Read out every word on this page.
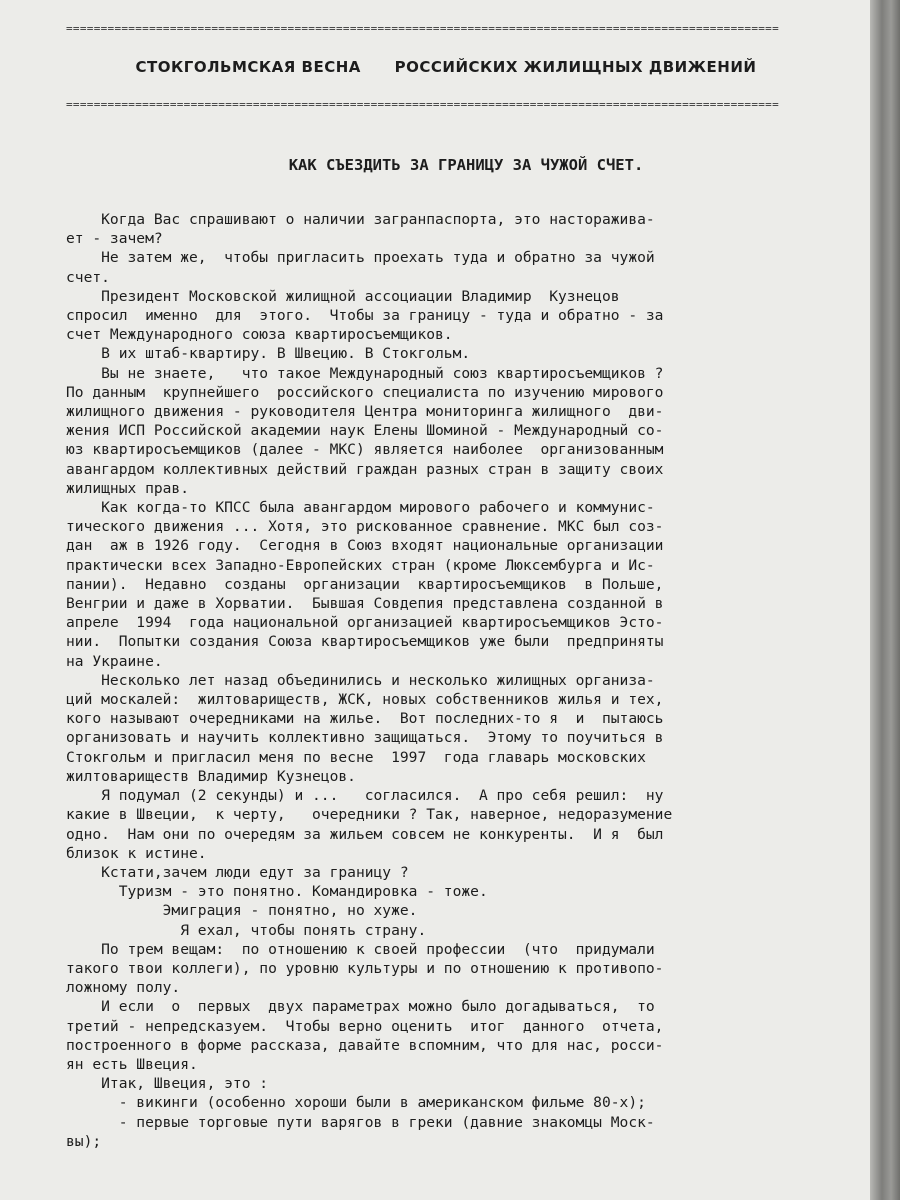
=======================================================================================================
СТОКГОЛЬМСКАЯ ВЕСНА РОССИЙСКИХ ЖИЛИЩНЫХ ДВИЖЕНИЙ
=======================================================================================================
КАК СЪЕЗДИТЬ ЗА ГРАНИЦУ ЗА ЧУЖОЙ СЧЕТ.
Когда Вас спрашивают о наличии загранпаспорта, это настораживa-
ет - зачем?
Не затем же,  чтобы пригласить проехать туда и обратно за чужой
счет.
Президент Московской жилищной ассоциации Владимир  Кузнецов
спросил  именно  для  этого.  Чтобы за границу - туда и обратно - за
счет Международного союза квартиросъемщиков.
В их штаб-квартиру. В Швецию. В Стокгольм.
Вы не знаете,   что такое Международный союз квартиросъемщиков ?
По данным  крупнейшего  российского специалиста по изучению мирового
жилищного движения - руководителя Центра мониторинга жилищного  дви-
жения ИСП Российской академии наук Елены Шоминой - Международный со-
юз квартиросъемщиков (далее - МКС) является наиболее  организованным
авангардом коллективных действий граждан разных стран в защиту своих
жилищных прав.
Как когда-то КПСС была авангардом мирового рабочего и коммунис-
тического движения ... Хотя, это рискованное сравнение. МКС был соз-
дан  аж в 1926 году.  Сегодня в Союз входят национальные организации
практически всех Западно-Европейских стран (кроме Люксембурга и Ис-
пании).  Недавно  созданы  организации  квартиросъемщиков  в Польше,
Венгрии и даже в Хорватии.  Бывшая Совдепия представлена созданной в
апреле  1994  года национальной организацией квартиросъемщиков Эсто-
нии.  Попытки создания Союза квартиросъемщиков уже были  предприняты
на Украине.
Несколько лет назад объединились и несколько жилищных организа-
ций москалей:  жилтовариществ, ЖСК, новых собственников жилья и тех,
кого называют очередниками на жилье.  Вот последних-то я  и  пытаюсь
организовать и научить коллективно защищаться.  Этому то поучиться в
Стокгольм и пригласил меня по весне  1997  года главарь московских
жилтовариществ Владимир Кузнецов.
Я подумал (2 секунды) и ...   согласился.  А про себя решил:  ну
какие в Швеции,  к черту,   очередники ? Так, наверное, недоразумение
одно.  Нам они по очередям за жильем совсем не конкуренты.  И я  был
близок к истине.
Кстати,зачем люди едут за границу ?
Туризм - это понятно. Командировка - тоже.
Эмиграция - понятно, но хуже.
Я ехал, чтобы понять страну.
По трем вещам:  по отношению к своей профессии  (что  придумали
такого твои коллеги), по уровню культуры и по отношению к противопо-
ложному полу.
И если  о  первых  двух параметрах можно было догадываться,  то
третий - непредсказуем.  Чтобы верно оценить  итог  данного  отчета,
построенного в форме рассказа, давайте вспомним, что для нас, росси-
ян есть Швеция.
Итак, Швеция, это :
- викинги (особенно хороши были в американском фильме 80-х);
- первые торговые пути варягов в греки (давние знакомцы Моск-
вы);
